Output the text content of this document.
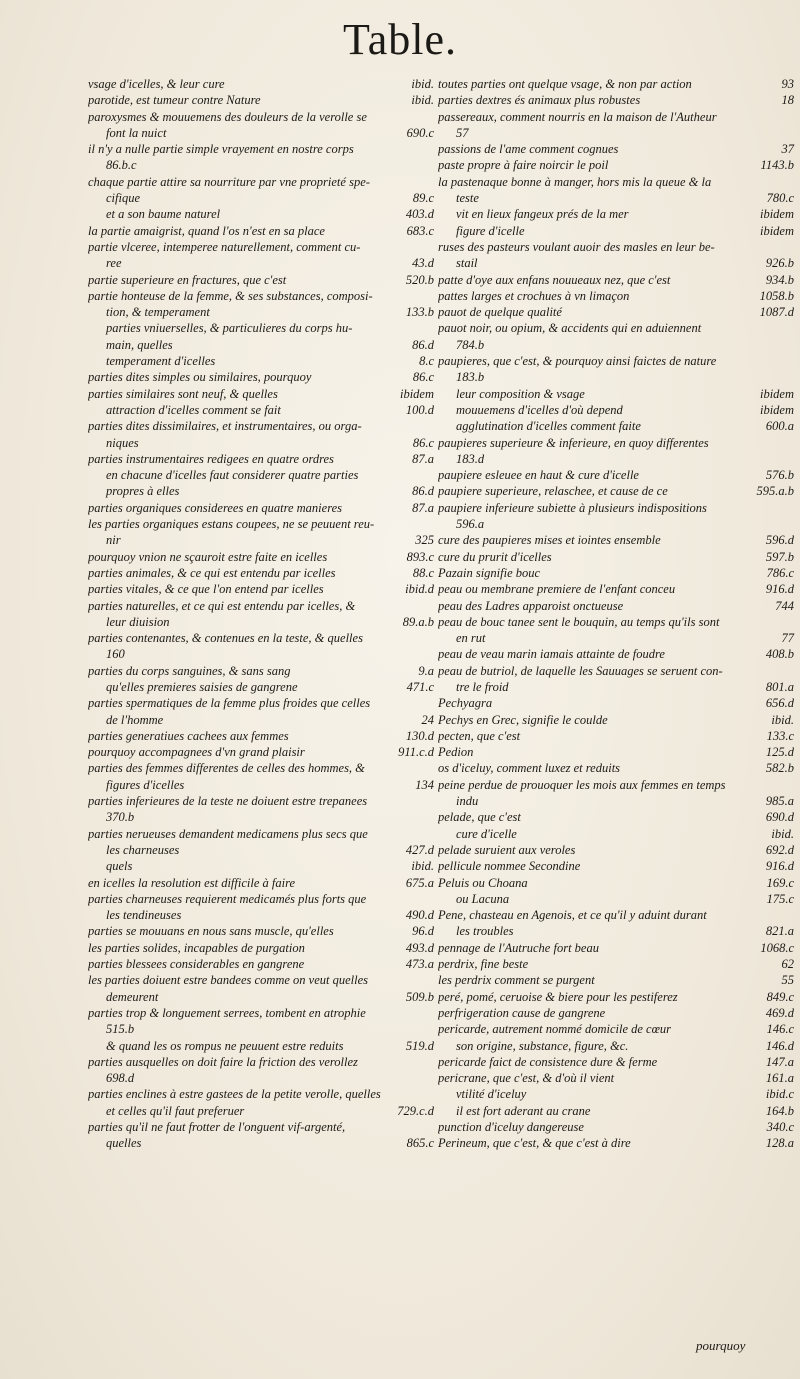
Table.
vsage d'icelles, & leur cure	ibid.
parotide, est tumeur contre Nature	ibid.
paroxysmes & mouuemens des douleurs de la verolle se
font la nuict	690.c
il n'y a nulle partie simple vrayement en nostre corps
86.b.c
chaque partie attire sa nourriture par vne proprieté spe-
cifique	89.c
et a son baume naturel	403.d
la partie amaigrist, quand l'os n'est en sa place	683.c
partie vlceree, intemperee naturellement, comment cu-
ree	43.d
partie superieure en fractures, que c'est	520.b
partie honteuse de la femme, & ses substances, composi-
tion, & temperament	133.b
parties vniuerselles, & particulieres du corps hu-
main, quelles	86.d
temperament d'icelles	8.c
parties dites simples ou similaires, pourquoy	86.c
parties similaires sont neuf, & quelles	ibidem
attraction d'icelles comment se fait	100.d
parties dites dissimilaires, et instrumentaires, ou orga-
niques	86.c
parties instrumentaires redigees en quatre ordres	87.a
en chacune d'icelles faut considerer quatre parties
propres à elles	86.d
parties organiques considerees en quatre manieres	87.a
les parties organiques estans coupees, ne se peuuent reu-
nir	325
pourquoy vnion ne sçauroit estre faite en icelles	893.c
parties animales, & ce qui est entendu par icelles	88.c
parties vitales, & ce que l'on entend par icelles	ibid.d
parties naturelles, et ce qui est entendu par icelles, &
leur diuision	89.a.b
parties contenantes, & contenues en la teste, & quelles
160
parties du corps sanguines, & sans sang	9.a
qu'elles premieres saisies de gangrene	471.c
parties spermatiques de la femme plus froides que celles
de l'homme	24
parties generatiues cachees aux femmes	130.d
pourquoy accompagnees d'vn grand plaisir	911.c.d
parties des femmes differentes de celles des hommes, &
figures d'icelles	134
parties inferieures de la teste ne doiuent estre trepanees
370.b
parties nerueuses demandent medicamens plus secs que
les charneuses	427.d
quels	ibid.
en icelles la resolution est difficile à faire	675.a
parties charneuses requierent medicamés plus forts que
les tendineuses	490.d
parties se mouuans en nous sans muscle, qu'elles	96.d
les parties solides, incapables de purgation	493.d
parties blessees considerables en gangrene	473.a
les parties doiuent estre bandees comme on veut quelles
demeurent	509.b
parties trop & longuement serrees, tombent en atrophie
515.b
& quand les os rompus ne peuuent estre reduits	519.d
parties ausquelles on doit faire la friction des verollez
698.d
parties enclines à estre gastees de la petite verolle, quelles
et celles qu'il faut preferuer	729.c.d
parties qu'il ne faut frotter de l'onguent vif-argenté,
quelles	865.c
toutes parties ont quelque vsage, & non par action	93
parties dextres és animaux plus robustes	18
passereaux, comment nourris en la maison de l'Autheur
57
passions de l'ame comment cognues	37
paste propre à faire noircir le poil	1143.b
la pastenaque bonne à manger, hors mis la queue & la
teste	780.c
vit en lieux fangeux prés de la mer	ibidem
figure d'icelle	ibidem
ruses des pasteurs voulant auoir des masles en leur be-
stail	926.b
patte d'oye aux enfans nouueaux nez, que c'est	934.b
pattes larges et crochues à vn limaçon	1058.b
pauot de quelque qualité	1087.d
pauot noir, ou opium, & accidents qui en aduiennent
784.b
paupieres, que c'est, & pourquoy ainsi faictes de nature
183.b
leur composition & vsage	ibidem
mouuemens d'icelles d'où depend	ibidem
agglutination d'icelles comment faite	600.a
paupieres superieure & inferieure, en quoy differentes
183.d
paupiere esleuee en haut & cure d'icelle	576.b
paupiere superieure, relaschee, et cause de ce	595.a.b
paupiere inferieure subiette à plusieurs indispositions
596.a
cure des paupieres mises et iointes ensemble	596.d
cure du prurit d'icelles	597.b
Pazain signifie bouc	786.c
peau ou membrane premiere de l'enfant conceu	916.d
peau des Ladres apparoist onctueuse	744
peau de bouc tanee sent le bouquin, au temps qu'ils sont
en rut	77
peau de veau marin iamais attainte de foudre	408.b
peau de butriol, de laquelle les Sauuages se seruent con-
tre le froid	801.a
Pechyagra	656.d
Pechys en Grec, signifie le coulde	ibid.
pecten, que c'est	133.c
Pedion	125.d
os d'iceluy, comment luxez et reduits	582.b
peine perdue de prouoquer les mois aux femmes en temps
indu	985.a
pelade, que c'est	690.d
cure d'icelle	ibid.
pelade suruient aux veroles	692.d
pellicule nommee Secondine	916.d
Peluis ou Choana	169.c
ou Lacuna	175.c
Pene, chasteau en Agenois, et ce qu'il y aduint durant
les troubles	821.a
pennage de l'Autruche fort beau	1068.c
perdrix, fine beste	62
les perdrix comment se purgent	55
peré, pomé, ceruoise & biere pour les pestiferez	849.c
perfrigeration cause de gangrene	469.d
pericarde, autrement nommé domicile de cœur	146.c
son origine, substance, figure, &c.	146.d
pericarde faict de consistence dure & ferme	147.a
pericrane, que c'est, & d'où il vient	161.a
vtilité d'iceluy	ibid.c
il est fort aderant au crane	164.b
punction d'iceluy dangereuse	340.c
Perineum, que c'est, & que c'est à dire	128.a
pourquoy
